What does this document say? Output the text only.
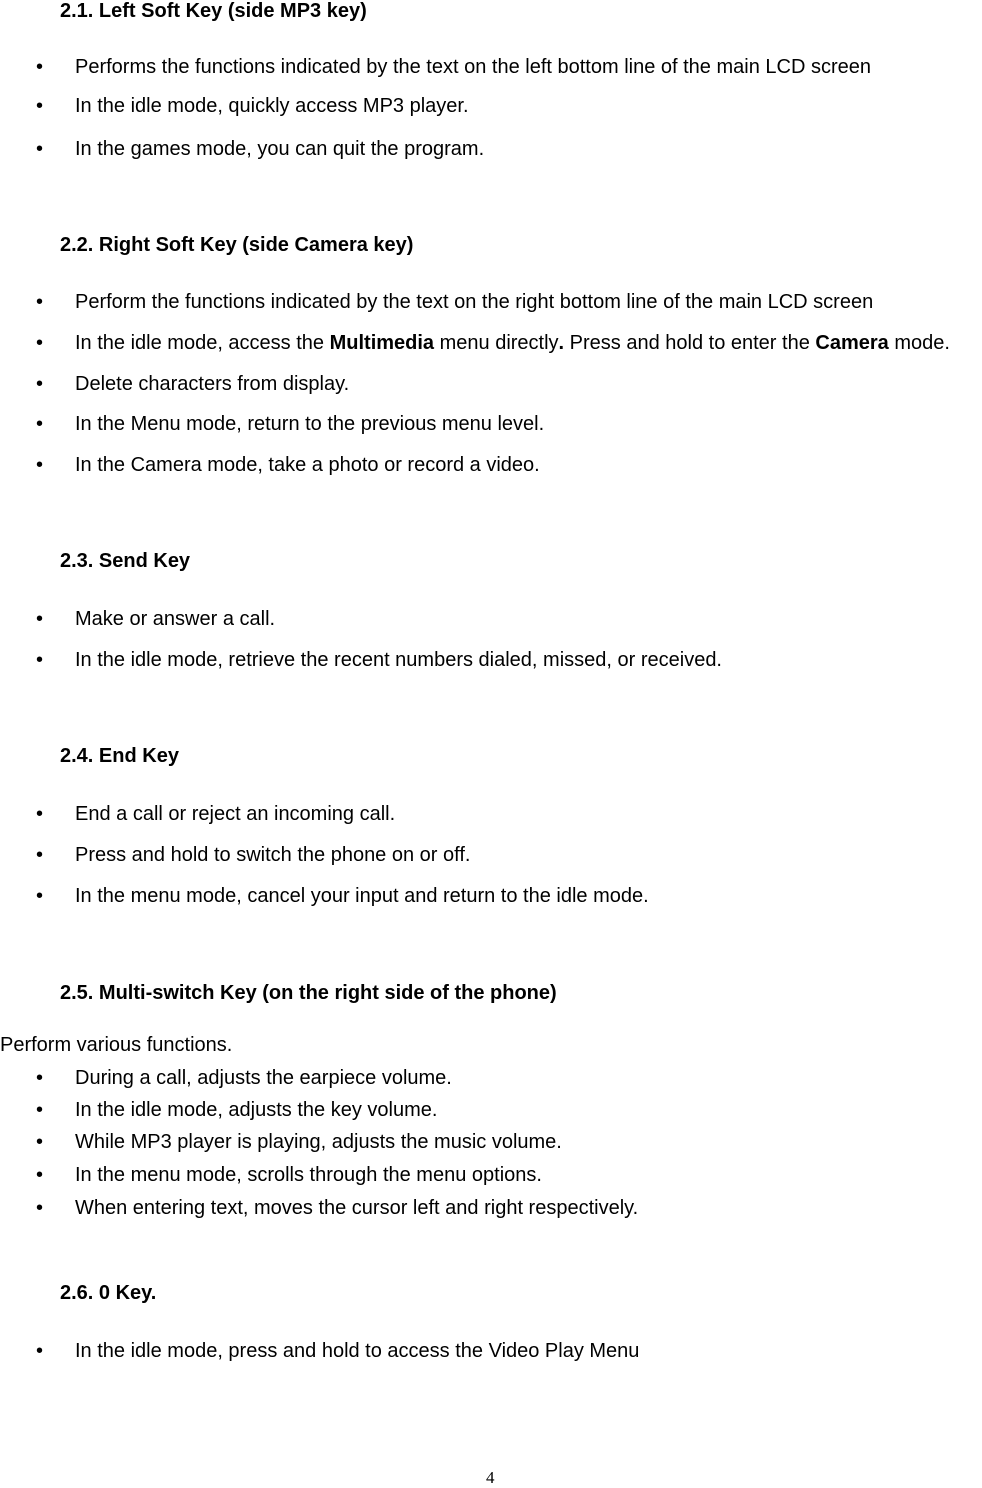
2.1. Left Soft Key (side MP3 key)
• Performs the functions indicated by the text on the left bottom line of the main LCD screen
• In the idle mode, quickly access MP3 player.
• In the games mode, you can quit the program.
2.2. Right Soft Key (side Camera key)
• Perform the functions indicated by the text on the right bottom line of the main LCD screen
• In the idle mode, access the Multimedia menu directly. Press and hold to enter the Camera mode.
• Delete characters from display.
• In the Menu mode, return to the previous menu level.
• In the Camera mode, take a photo or record a video.
2.3. Send Key
• Make or answer a call.
• In the idle mode, retrieve the recent numbers dialed, missed, or received.
2.4. End Key
• End a call or reject an incoming call.
• Press and hold to switch the phone on or off.
• In the menu mode, cancel your input and return to the idle mode.
2.5. Multi-switch Key (on the right side of the phone)
Perform various functions.
• During a call, adjusts the earpiece volume.
• In the idle mode, adjusts the key volume.
• While MP3 player is playing, adjusts the music volume.
• In the menu mode, scrolls through the menu options.
• When entering text, moves the cursor left and right respectively.
2.6. 0 Key.
• In the idle mode, press and hold to access the Video Play Menu
4
